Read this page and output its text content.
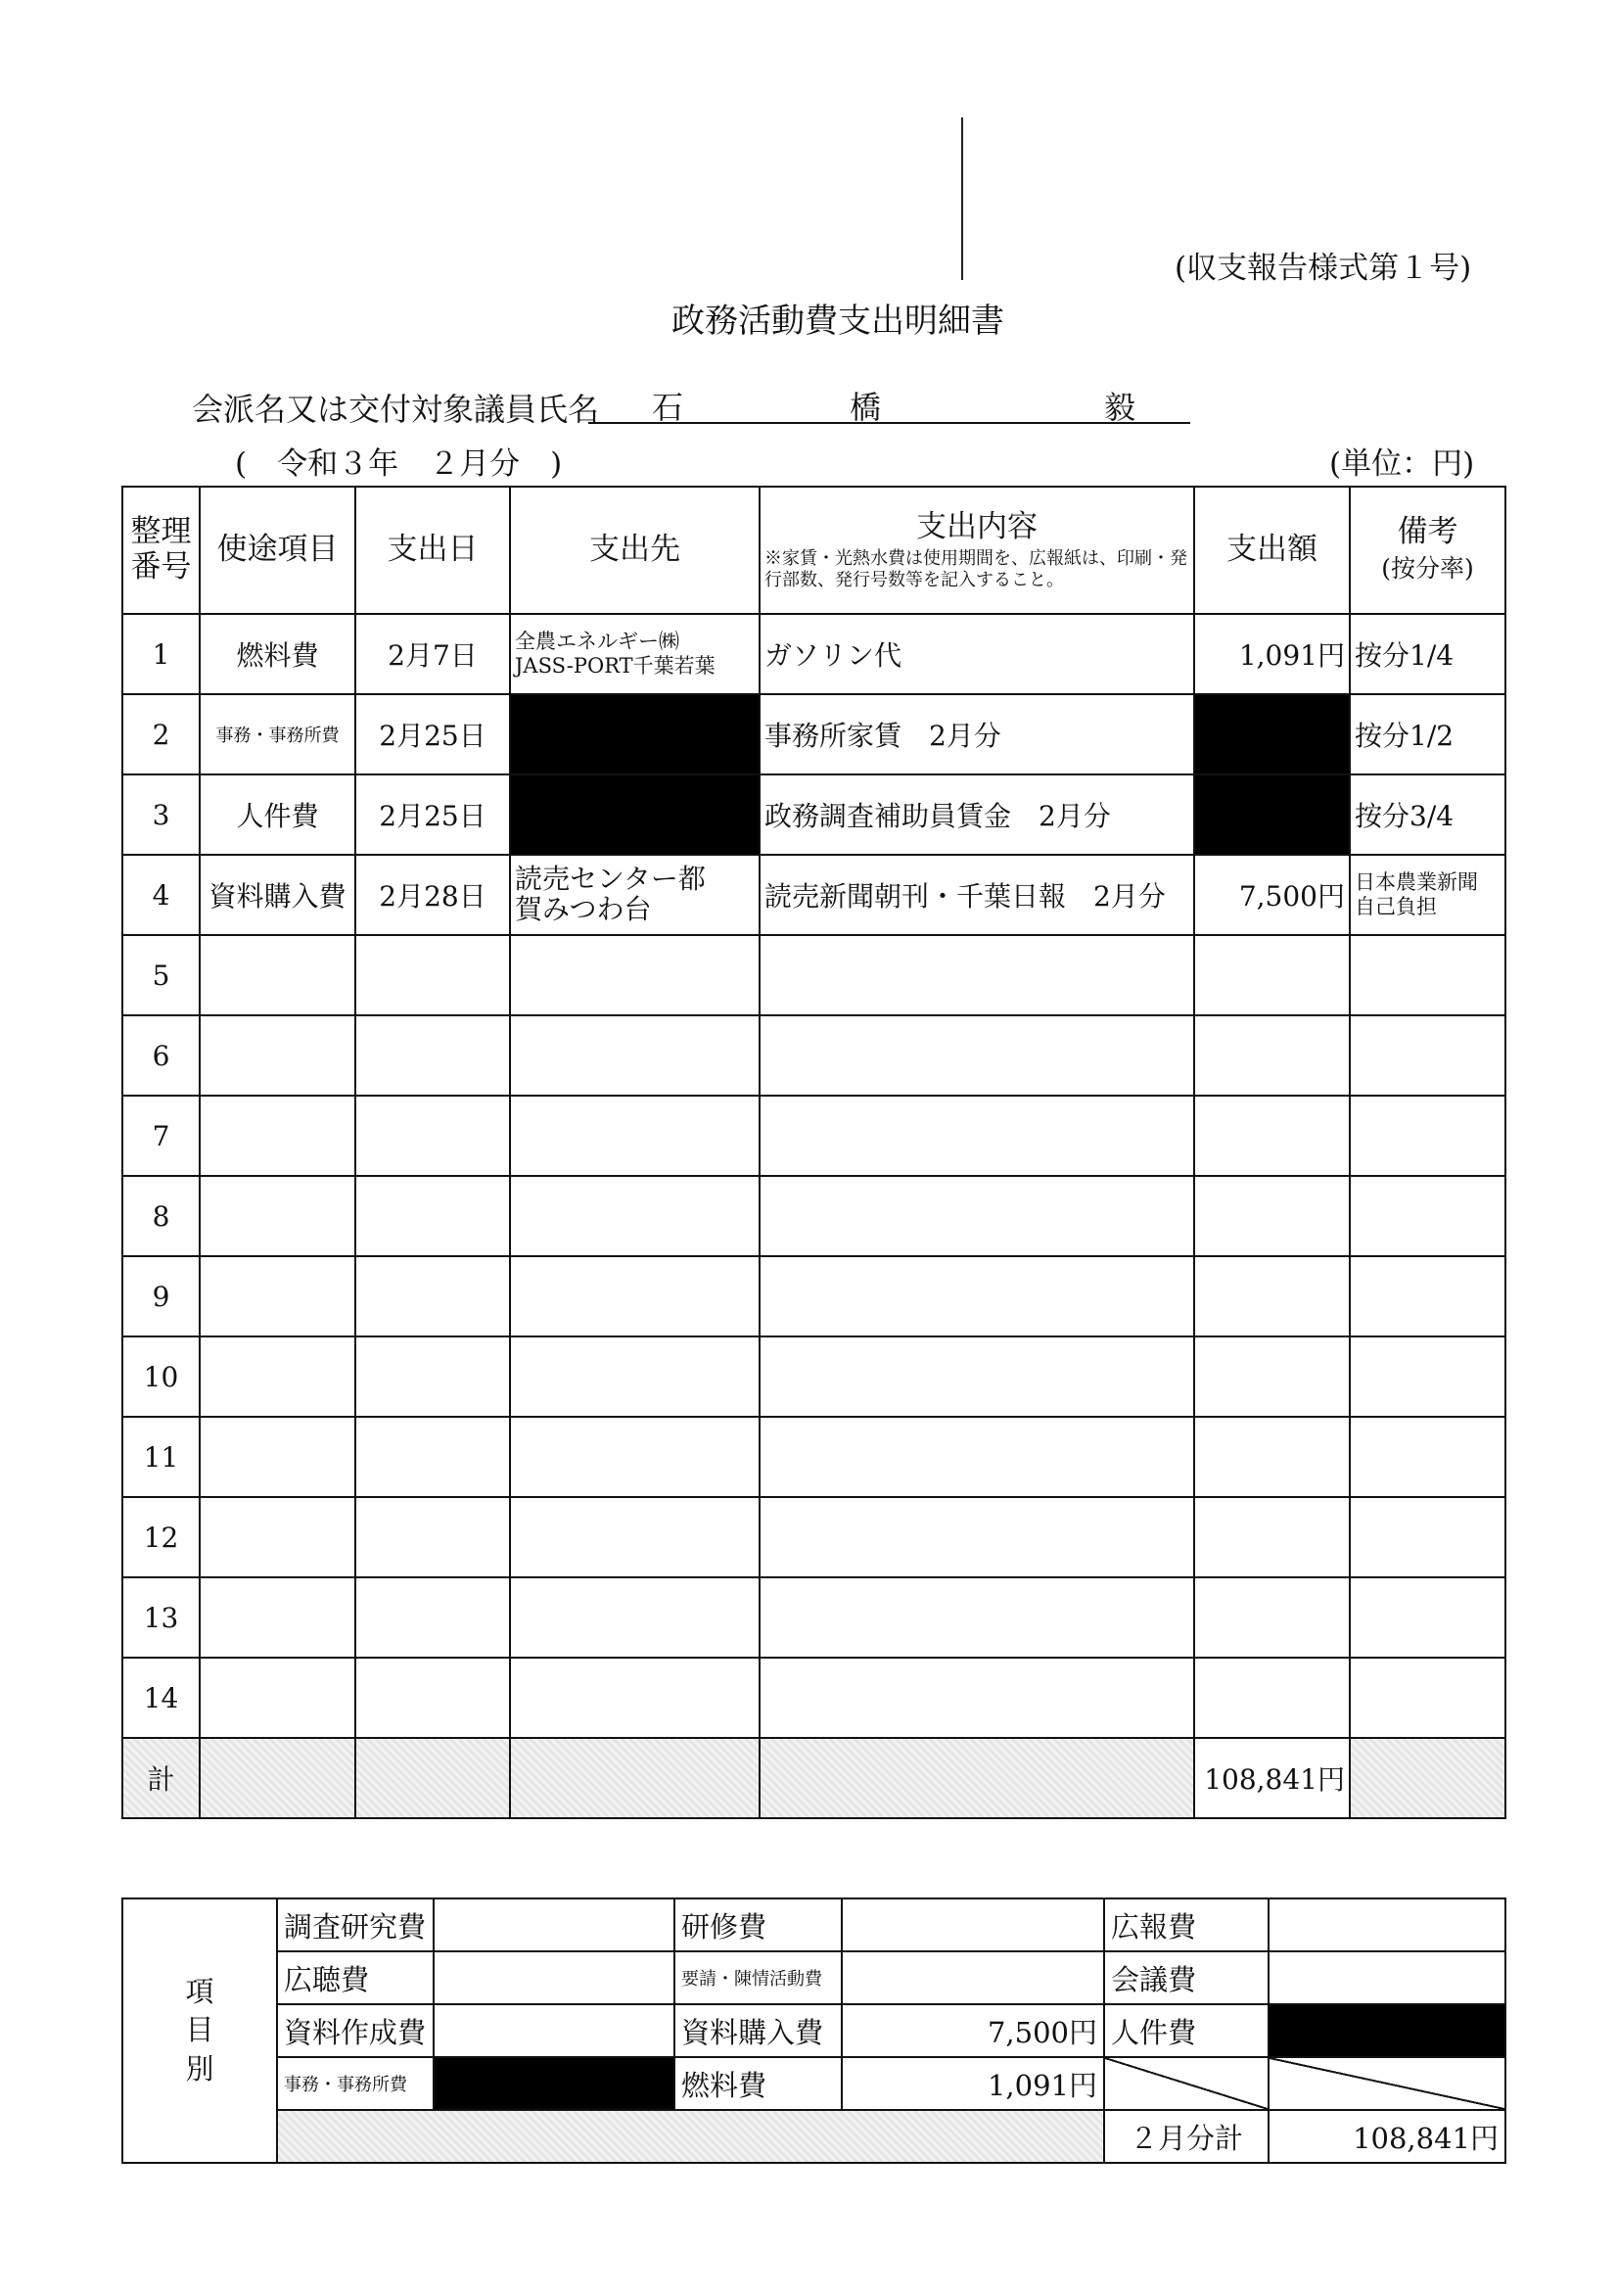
(収支報告様式第１号)
政務活動費支出明細書
会派名又は交付対象議員氏名 石	橋	毅
(　令和３年　２月分　)	(単位：円)
整理
番号	使途項目	支出日	支出先	支出内容
※家賃・光熱水費は使用期間を、広報紙は、印刷・発行部数、発行号数等を記入すること。	支出額	備考
(按分率)
1	燃料費	2月7日	全農エネルギー㈱
JASS-PORT千葉若葉	ガソリン代	1,091円	按分1/4
2	事務・事務所費	2月25日		事務所家賃　2月分		按分1/2
3	人件費	2月25日		政務調査補助員賃金　2月分		按分3/4
4	資料購入費	2月28日	読売センター都
賀みつわ台	読売新聞朝刊・千葉日報　2月分	7,500円	日本農業新聞
自己負担
5						
6						
7						
8						
9						
10						
11						
12						
13						
14						
計					108,841円	
項
目
別	調査研究費		研修費		広報費	
	広聴費		要請・陳情活動費		会議費	
	資料作成費		資料購入費	7,500円	人件費	
	事務・事務所費		燃料費	1,091円		
					２月分計	108,841円
